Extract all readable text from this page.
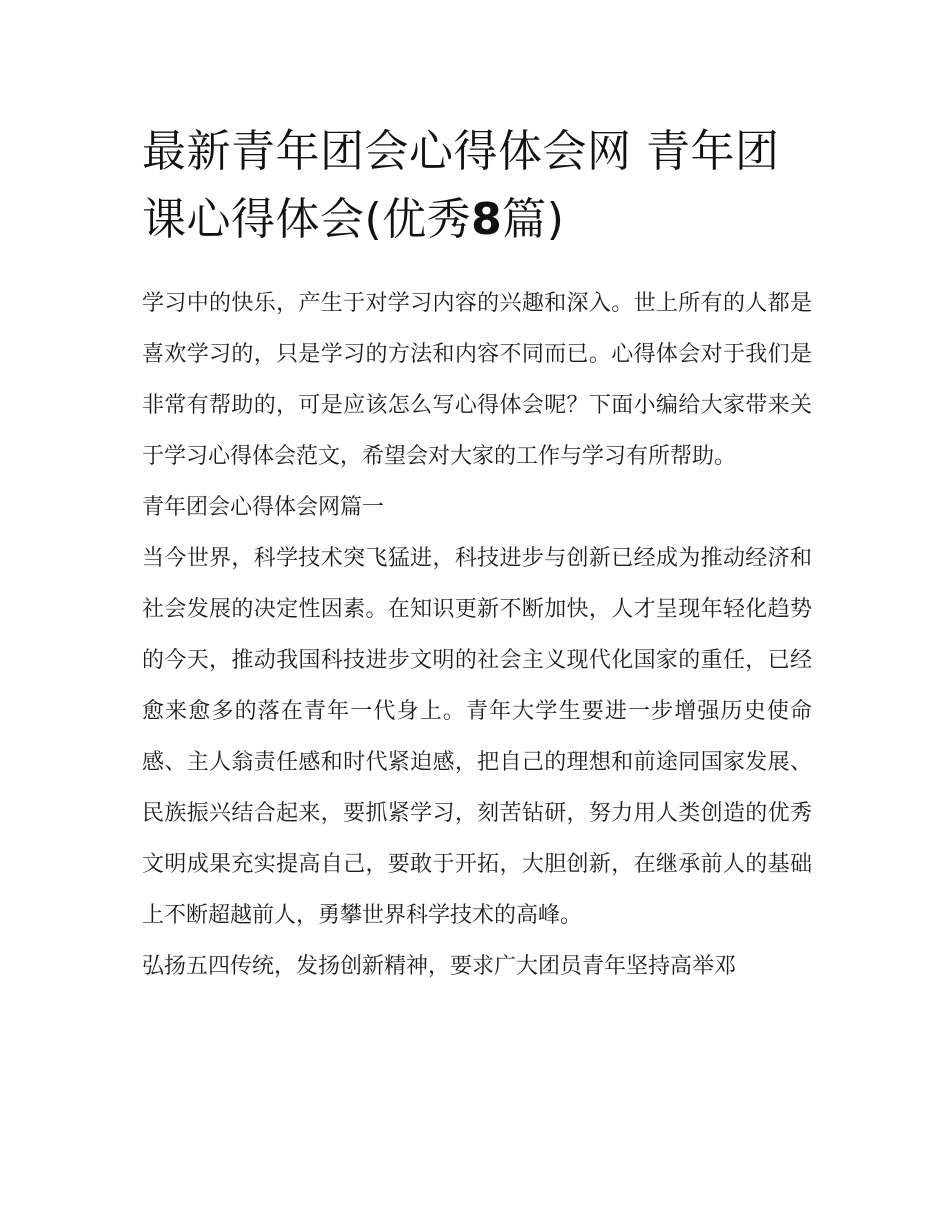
最新青年团会心得体会网 青年团课心得体会(优秀8篇)

学习中的快乐，产生于对学习内容的兴趣和深入。世上所有的人都是喜欢学习的，只是学习的方法和内容不同而已。心得体会对于我们是非常有帮助的，可是应该怎么写心得体会呢？下面小编给大家带来关于学习心得体会范文，希望会对大家的工作与学习有所帮助。

青年团会心得体会网篇一

当今世界，科学技术突飞猛进，科技进步与创新已经成为推动经济和社会发展的决定性因素。在知识更新不断加快，人才呈现年轻化趋势的今天，推动我国科技进步文明的社会主义现代化国家的重任，已经愈来愈多的落在青年一代身上。青年大学生要进一步增强历史使命感、主人翁责任感和时代紧迫感，把自己的理想和前途同国家发展、民族振兴结合起来，要抓紧学习，刻苦钻研，努力用人类创造的优秀文明成果充实提高自己，要敢于开拓，大胆创新，在继承前人的基础上不断超越前人，勇攀世界科学技术的高峰。

弘扬五四传统，发扬创新精神，要求广大团员青年坚持高举邓
